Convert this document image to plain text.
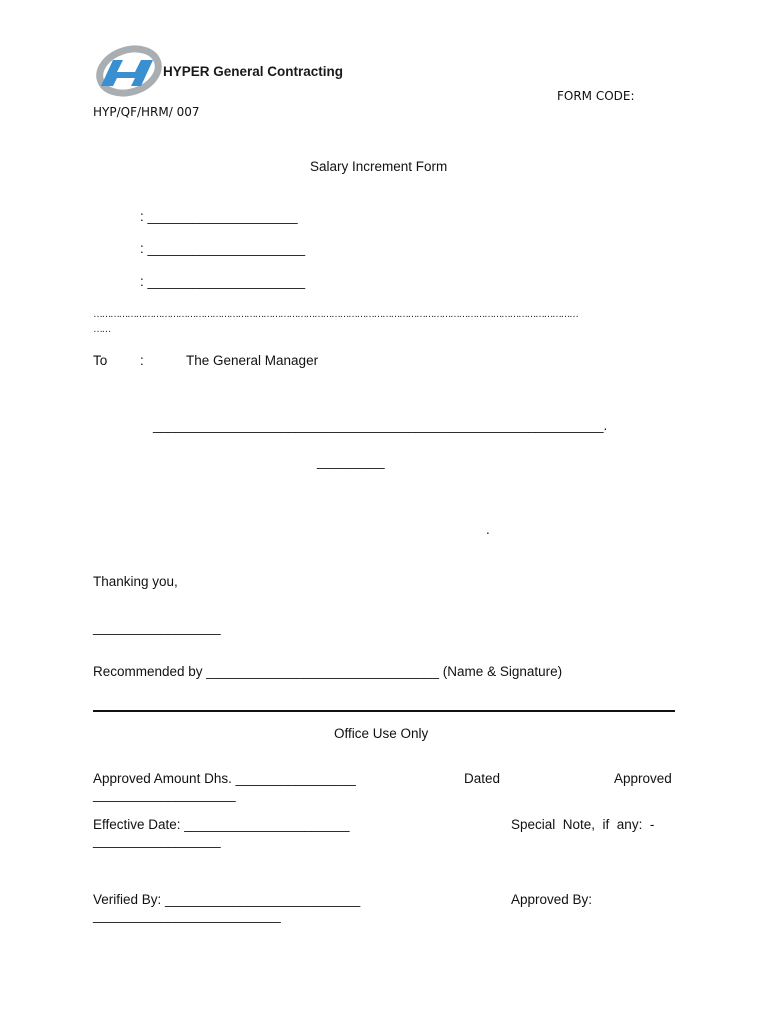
HYPER General Contracting
FORM CODE:
HYP/QF/HRM/ 007
Salary Increment Form
: ____________________
: _____________________
: _____________________
………………………………………………………………………………………………………………………………………………………
……
To :	The General Manager
____________________________________________________________.
_________
.
Thanking you,
_________________
Recommended by _______________________________ (Name & Signature)
Office Use Only
Approved Amount Dhs. ________________	Dated	Approved
___________________
Effective Date: ______________________	Special  Note,  if  any:  -
_________________
Verified By: __________________________	Approved By:
_________________________
